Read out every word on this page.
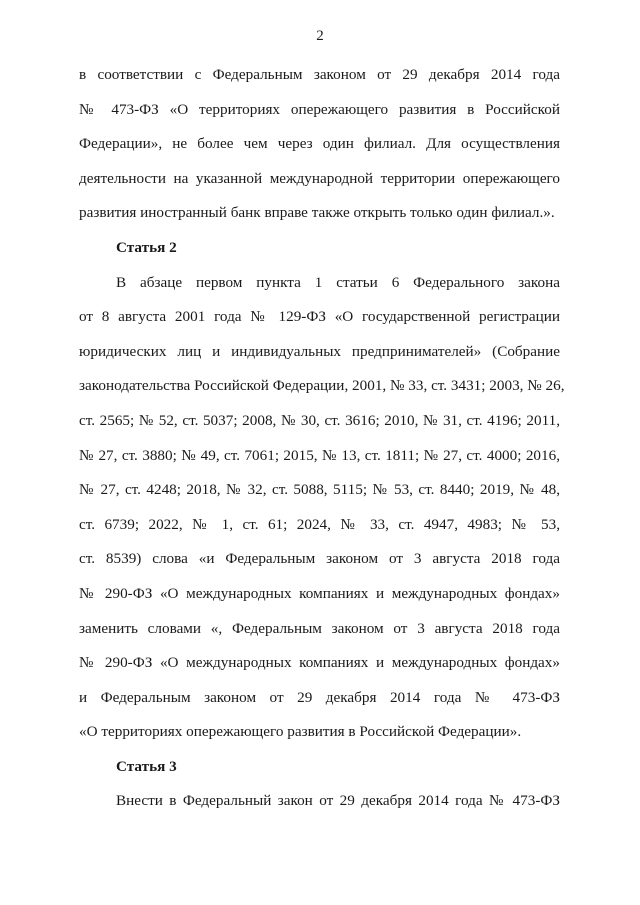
2
в соответствии с Федеральным законом от 29 декабря 2014 года
№ 473-ФЗ «О территориях опережающего развития в Российской
Федерации», не более чем через один филиал. Для осуществления
деятельности на указанной международной территории опережающего
развития иностранный банк вправе также открыть только один филиал.».
Статья 2
В абзаце первом пункта 1 статьи 6 Федерального закона
от 8 августа 2001 года № 129-ФЗ «О государственной регистрации
юридических лиц и индивидуальных предпринимателей» (Собрание
законодательства Российской Федерации, 2001, № 33, ст. 3431; 2003, № 26,
ст. 2565; № 52, ст. 5037; 2008, № 30, ст. 3616; 2010, № 31, ст. 4196; 2011,
№ 27, ст. 3880; № 49, ст. 7061; 2015, № 13, ст. 1811; № 27, ст. 4000; 2016,
№ 27, ст. 4248; 2018, № 32, ст. 5088, 5115; № 53, ст. 8440; 2019, № 48,
ст. 6739; 2022, № 1, ст. 61; 2024, № 33, ст. 4947, 4983; № 53,
ст. 8539) слова «и Федеральным законом от 3 августа 2018 года
№ 290-ФЗ «О международных компаниях и международных фондах»
заменить словами «, Федеральным законом от 3 августа 2018 года
№ 290-ФЗ «О международных компаниях и международных фондах»
и Федеральным законом от 29 декабря 2014 года № 473-ФЗ
«О территориях опережающего развития в Российской Федерации».
Статья 3
Внести в Федеральный закон от 29 декабря 2014 года № 473-ФЗ
